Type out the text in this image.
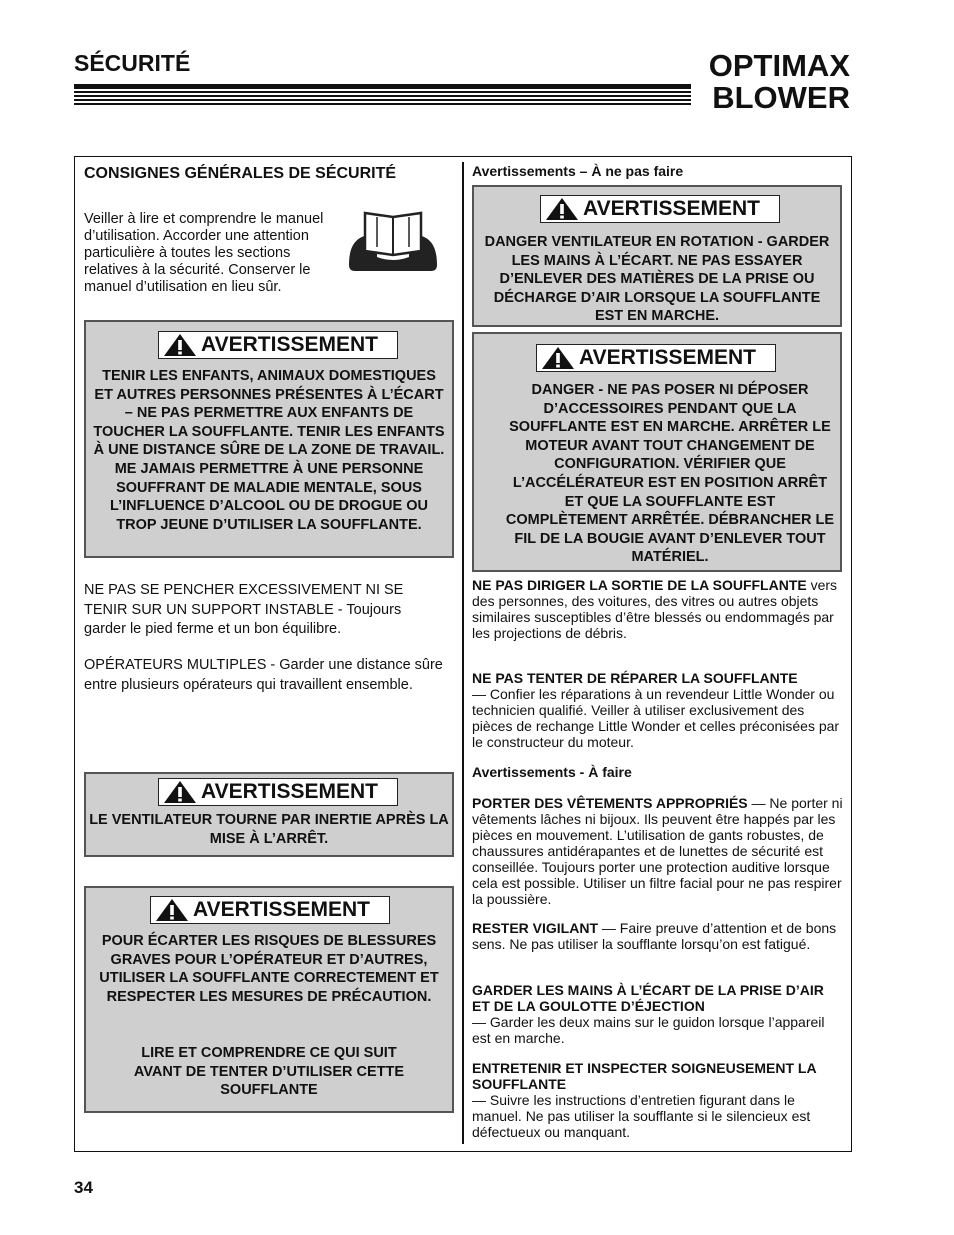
SÉCURITÉ	OPTIMAX
BLOWER
CONSIGNES GÉNÉRALES DE SÉCURITÉ
Veiller à lire et comprendre le manuel d’utilisation. Accorder une attention particulière à toutes les sections relatives à la sécurité. Conserver le manuel d’utilisation en lieu sûr.
AVERTISSEMENT
TENIR LES ENFANTS, ANIMAUX DOMESTIQUES ET AUTRES PERSONNES PRÉSENTES À L’ÉCART – NE PAS PERMETTRE AUX ENFANTS DE TOUCHER LA SOUFFLANTE. TENIR LES ENFANTS À UNE DISTANCE SÛRE DE LA ZONE DE TRAVAIL. ME JAMAIS PERMETTRE À UNE PERSONNE SOUFFRANT DE MALADIE MENTALE, SOUS L’INFLUENCE D’ALCOOL OU DE DROGUE OU TROP JEUNE D’UTILISER LA SOUFFLANTE.
NE PAS SE PENCHER EXCESSIVEMENT NI SE TENIR SUR UN SUPPORT INSTABLE - Toujours garder le pied ferme et un bon équilibre.
OPÉRATEURS MULTIPLES - Garder une distance sûre entre plusieurs opérateurs qui travaillent ensemble.
AVERTISSEMENT
LE VENTILATEUR TOURNE PAR INERTIE APRÈS LA MISE À L’ARRÊT.
AVERTISSEMENT
POUR ÉCARTER LES RISQUES DE BLESSURES GRAVES POUR L’OPÉRATEUR ET D’AUTRES, UTILISER LA SOUFFLANTE CORRECTEMENT ET RESPECTER LES MESURES DE PRÉCAUTION.
LIRE ET COMPRENDRE CE QUI SUIT AVANT DE TENTER D’UTILISER CETTE SOUFFLANTE
Avertissements – À ne pas faire
AVERTISSEMENT
DANGER VENTILATEUR EN ROTATION - GARDER LES MAINS À L’ÉCART. NE PAS ESSAYER D’ENLEVER DES MATIÈRES DE LA PRISE OU DÉCHARGE D’AIR LORSQUE LA SOUFFLANTE EST EN MARCHE.
AVERTISSEMENT
DANGER - NE PAS POSER NI DÉPOSER D’ACCESSOIRES PENDANT QUE LA SOUFFLANTE EST EN MARCHE. ARRÊTER LE MOTEUR AVANT TOUT CHANGEMENT DE CONFIGURATION. VÉRIFIER QUE L’ACCÉLÉRATEUR EST EN POSITION ARRÊT ET QUE LA SOUFFLANTE EST COMPLÈTEMENT ARRÊTÉE. DÉBRANCHER LE FIL DE LA BOUGIE AVANT D’ENLEVER TOUT MATÉRIEL.
NE PAS DIRIGER LA SORTIE DE LA SOUFFLANTE vers des personnes, des voitures, des vitres ou autres objets similaires susceptibles d’être blessés ou endommagés par les projections de débris.
NE PAS TENTER DE RÉPARER LA SOUFFLANTE
— Confier les réparations à un revendeur Little Wonder ou technicien qualifié. Veiller à utiliser exclusivement des pièces de rechange Little Wonder et celles préconisées par le constructeur du moteur.
Avertissements - À faire
PORTER DES VÊTEMENTS APPROPRIÉS — Ne porter ni vêtements lâches ni bijoux. Ils peuvent être happés par les pièces en mouvement. L’utilisation de gants robustes, de chaussures antidérapantes et de lunettes de sécurité est conseillée. Toujours porter une protection auditive lorsque cela est possible. Utiliser un filtre facial pour ne pas respirer la poussière.
RESTER VIGILANT — Faire preuve d’attention et de bons sens. Ne pas utiliser la soufflante lorsqu’on est fatigué.
GARDER LES MAINS À L’ÉCART DE LA PRISE D’AIR ET DE LA GOULOTTE D’ÉJECTION
— Garder les deux mains sur le guidon lorsque l’appareil est en marche.
ENTRETENIR ET INSPECTER SOIGNEUSEMENT LA SOUFFLANTE
— Suivre les instructions d’entretien figurant dans le manuel. Ne pas utiliser la soufflante si le silencieux est défectueux ou manquant.
34
